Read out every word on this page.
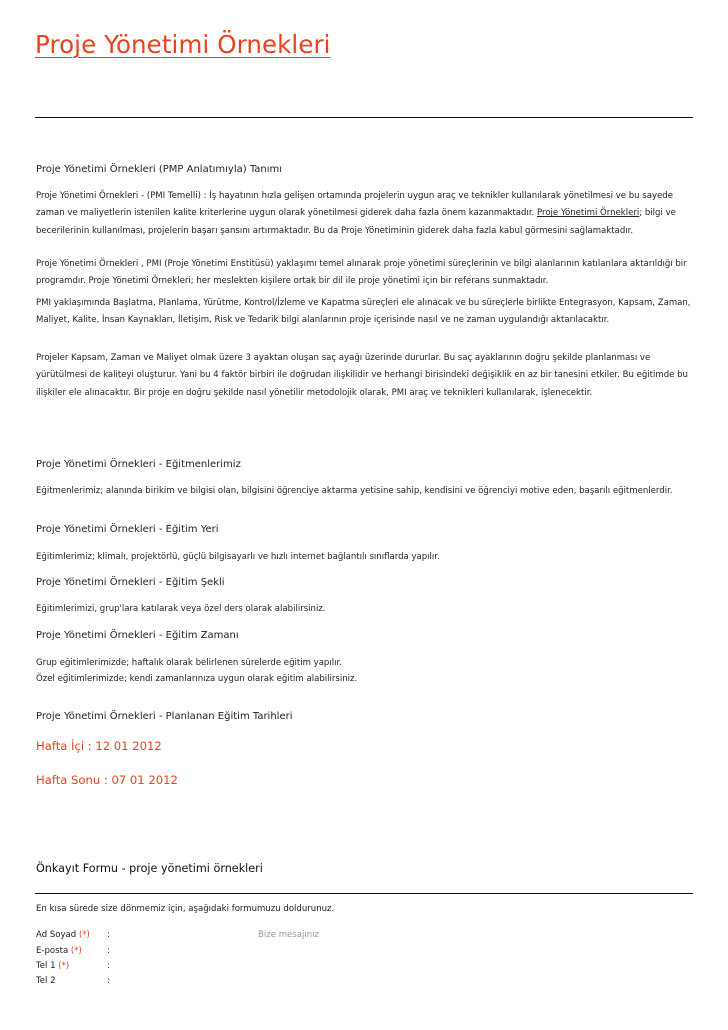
Proje Yönetimi Örnekleri
Proje Yönetimi Örnekleri (PMP Anlatımıyla) Tanımı
Proje Yönetimi Örnekleri - (PMI Temelli) : İş hayatının hızla gelişen ortamında projelerin uygun araç ve teknikler kullanılarak yönetilmesi ve bu sayede zaman ve maliyetlerin istenilen kalite kriterlerine uygun olarak yönetilmesi giderek daha fazla önem kazanmaktadır. Proje Yönetimi Örnekleri; bilgi ve becerilerinin kullanılması, projelerin başarı şansını artırmaktadır. Bu da Proje Yönetiminin giderek daha fazla kabul görmesini sağlamaktadır.
Proje Yönetimi Örnekleri , PMI (Proje Yönetimi Enstitüsü) yaklaşımı temel alınarak proje yönetimi süreçlerinin ve bilgi alanlarının katılanlara aktarıldığı bir programdır. Proje Yönetimi Örnekleri; her meslekten kişilere ortak bir dil ile proje yönetimi için bir referans sunmaktadır.
PMI yaklaşımında Başlatma, Planlama, Yürütme, Kontrol/İzleme ve Kapatma süreçleri ele alınacak ve bu süreçlerle birlikte Entegrasyon, Kapsam, Zaman, Maliyet, Kalite, İnsan Kaynakları, İletişim, Risk ve Tedarik bilgi alanlarının proje içerisinde nasıl ve ne zaman uygulandığı aktarılacaktır.
Projeler Kapsam, Zaman ve Maliyet olmak üzere 3 ayaktan oluşan saç ayağı üzerinde dururlar. Bu saç ayaklarının doğru şekilde planlanması ve yürütülmesi de kaliteyi oluşturur. Yani bu 4 faktör birbiri ile doğrudan ilişkilidir ve herhangi birisindeki değişiklik en az bir tanesini etkiler. Bu eğitimde bu ilişkiler ele alınacaktır. Bir proje en doğru şekilde nasıl yönetilir metodolojik olarak, PMI araç ve teknikleri kullanılarak, işlenecektir.
Proje Yönetimi Örnekleri - Eğitmenlerimiz
Eğitmenlerimiz; alanında birikim ve bilgisi olan, bilgisini öğrenciye aktarma yetisine sahip, kendisini ve öğrenciyi motive eden, başarılı eğitmenlerdir.
Proje Yönetimi Örnekleri - Eğitim Yeri
Eğitimlerimiz; klimalı, projektörlü, güçlü bilgisayarlı ve hızlı internet bağlantılı sınıflarda yapılır.
Proje Yönetimi Örnekleri - Eğitim Şekli
Eğitimlerimizi, grup'lara katılarak veya özel ders olarak alabilirsiniz.
Proje Yönetimi Örnekleri - Eğitim Zamanı
Grup eğitimlerimizde; haftalık olarak belirlenen sürelerde eğitim yapılır.
Özel eğitimlerimizde; kendi zamanlarınıza uygun olarak eğitim alabilirsiniz.
Proje Yönetimi Örnekleri - Planlanan Eğitim Tarihleri
Hafta İçi : 12 01 2012
Hafta Sonu : 07 01 2012
Önkayıt Formu - proje yönetimi örnekleri
En kısa sürede size dönmemiz için, aşağıdaki formumuzu doldurunuz.
Ad Soyad (*) :
E-posta (*)	:
Tel 1 (*)	:
Tel 2	:
Bize mesajınız
